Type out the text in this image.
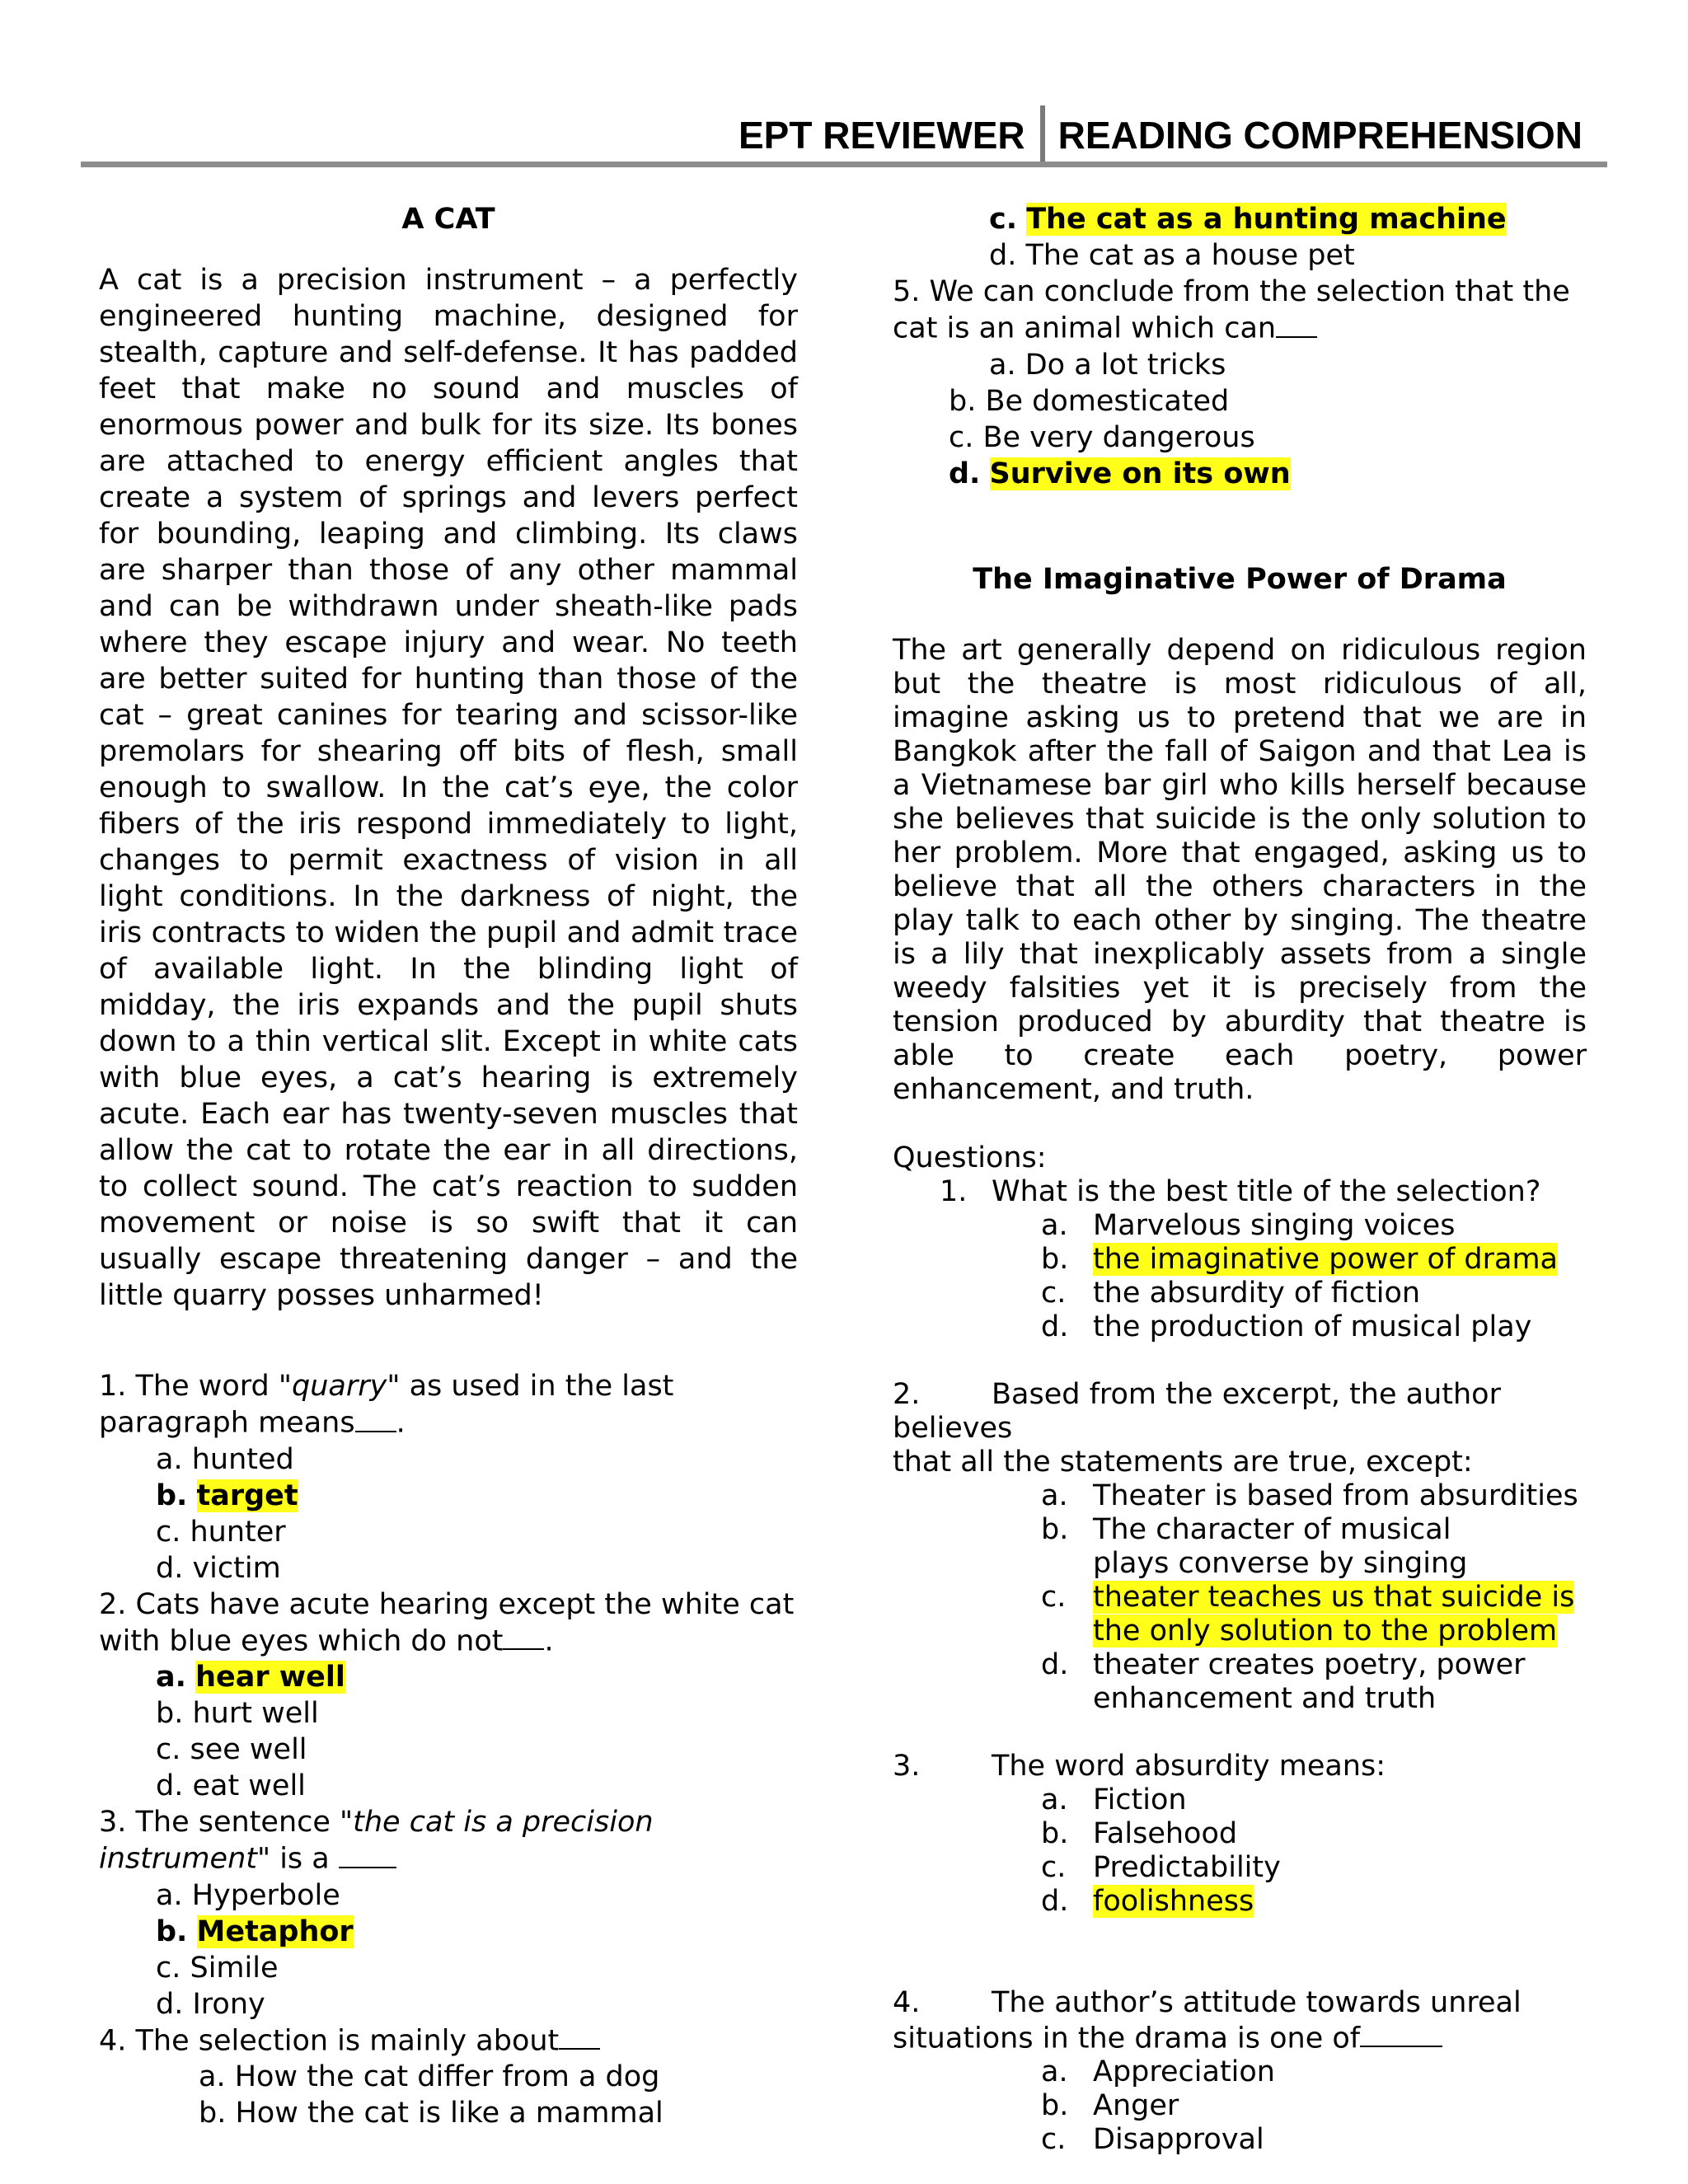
EPT REVIEWER READING COMPREHENSION
A CAT

A cat is a precision instrument – a perfectly engineered hunting machine, designed for stealth, capture and self-defense. It has padded feet that make no sound and muscles of enormous power and bulk for its size. Its bones are attached to energy efficient angles that create a system of springs and levers perfect for bounding, leaping and climbing. Its claws are sharper than those of any other mammal and can be withdrawn under sheath-like pads where they escape injury and wear. No teeth are better suited for hunting than those of the cat – great canines for tearing and scissor-like premolars for shearing off bits of flesh, small enough to swallow. In the cat’s eye, the color fibers of the iris respond immediately to light, changes to permit exactness of vision in all light conditions. In the darkness of night, the iris contracts to widen the pupil and admit trace of available light. In the blinding light of midday, the iris expands and the pupil shuts down to a thin vertical slit. Except in white cats with blue eyes, a cat’s hearing is extremely acute. Each ear has twenty-seven muscles that allow the cat to rotate the ear in all directions, to collect sound. The cat’s reaction to sudden movement or noise is so swift that it can usually escape threatening danger – and the little quarry posses unharmed!

1. The word "quarry" as used in the last paragraph means .
a. hunted
b. target
c. hunter
d. victim
2. Cats have acute hearing except the white cat with blue eyes which do not .
a. hear well
b. hurt well
c. see well
d. eat well
3. The sentence "the cat is a precision instrument" is a
a. Hyperbole
b. Metaphor
c. Simile
d. Irony
4. The selection is mainly about
a. How the cat differ from a dog
b. How the cat is like a mammal
c. The cat as a hunting machine
d. The cat as a house pet
5. We can conclude from the selection that the cat is an animal which can
a. Do a lot tricks
b. Be domesticated
c. Be very dangerous
d. Survive on its own
The Imaginative Power of Drama

The art generally depend on ridiculous region but the theatre is most ridiculous of all, imagine asking us to pretend that we are in Bangkok after the fall of Saigon and that Lea is a Vietnamese bar girl who kills herself because she believes that suicide is the only solution to her problem. More that engaged, asking us to believe that all the others characters in the play talk to each other by singing. The theatre is a lily that inexplicably assets from a single weedy falsities yet it is precisely from the tension produced by aburdity that theatre is able to create each poetry, power enhancement, and truth.

Questions:
1. What is the best title of the selection?
a. Marvelous singing voices
b. the imaginative power of drama
c. the absurdity of fiction
d. the production of musical play
2. Based from the excerpt, the author believes
that all the statements are true, except:
a. Theater is based from absurdities
b. The character of musical plays converse by singing
c. theater teaches us that suicide is the only solution to the problem
d. theater creates poetry, power enhancement and truth
3. The word absurdity means:
a. Fiction
b. Falsehood
c. Predictability
d. foolishness
4. The author’s attitude towards unreal
situations in the drama is one of
a. Appreciation
b. Anger
c. Disapproval
